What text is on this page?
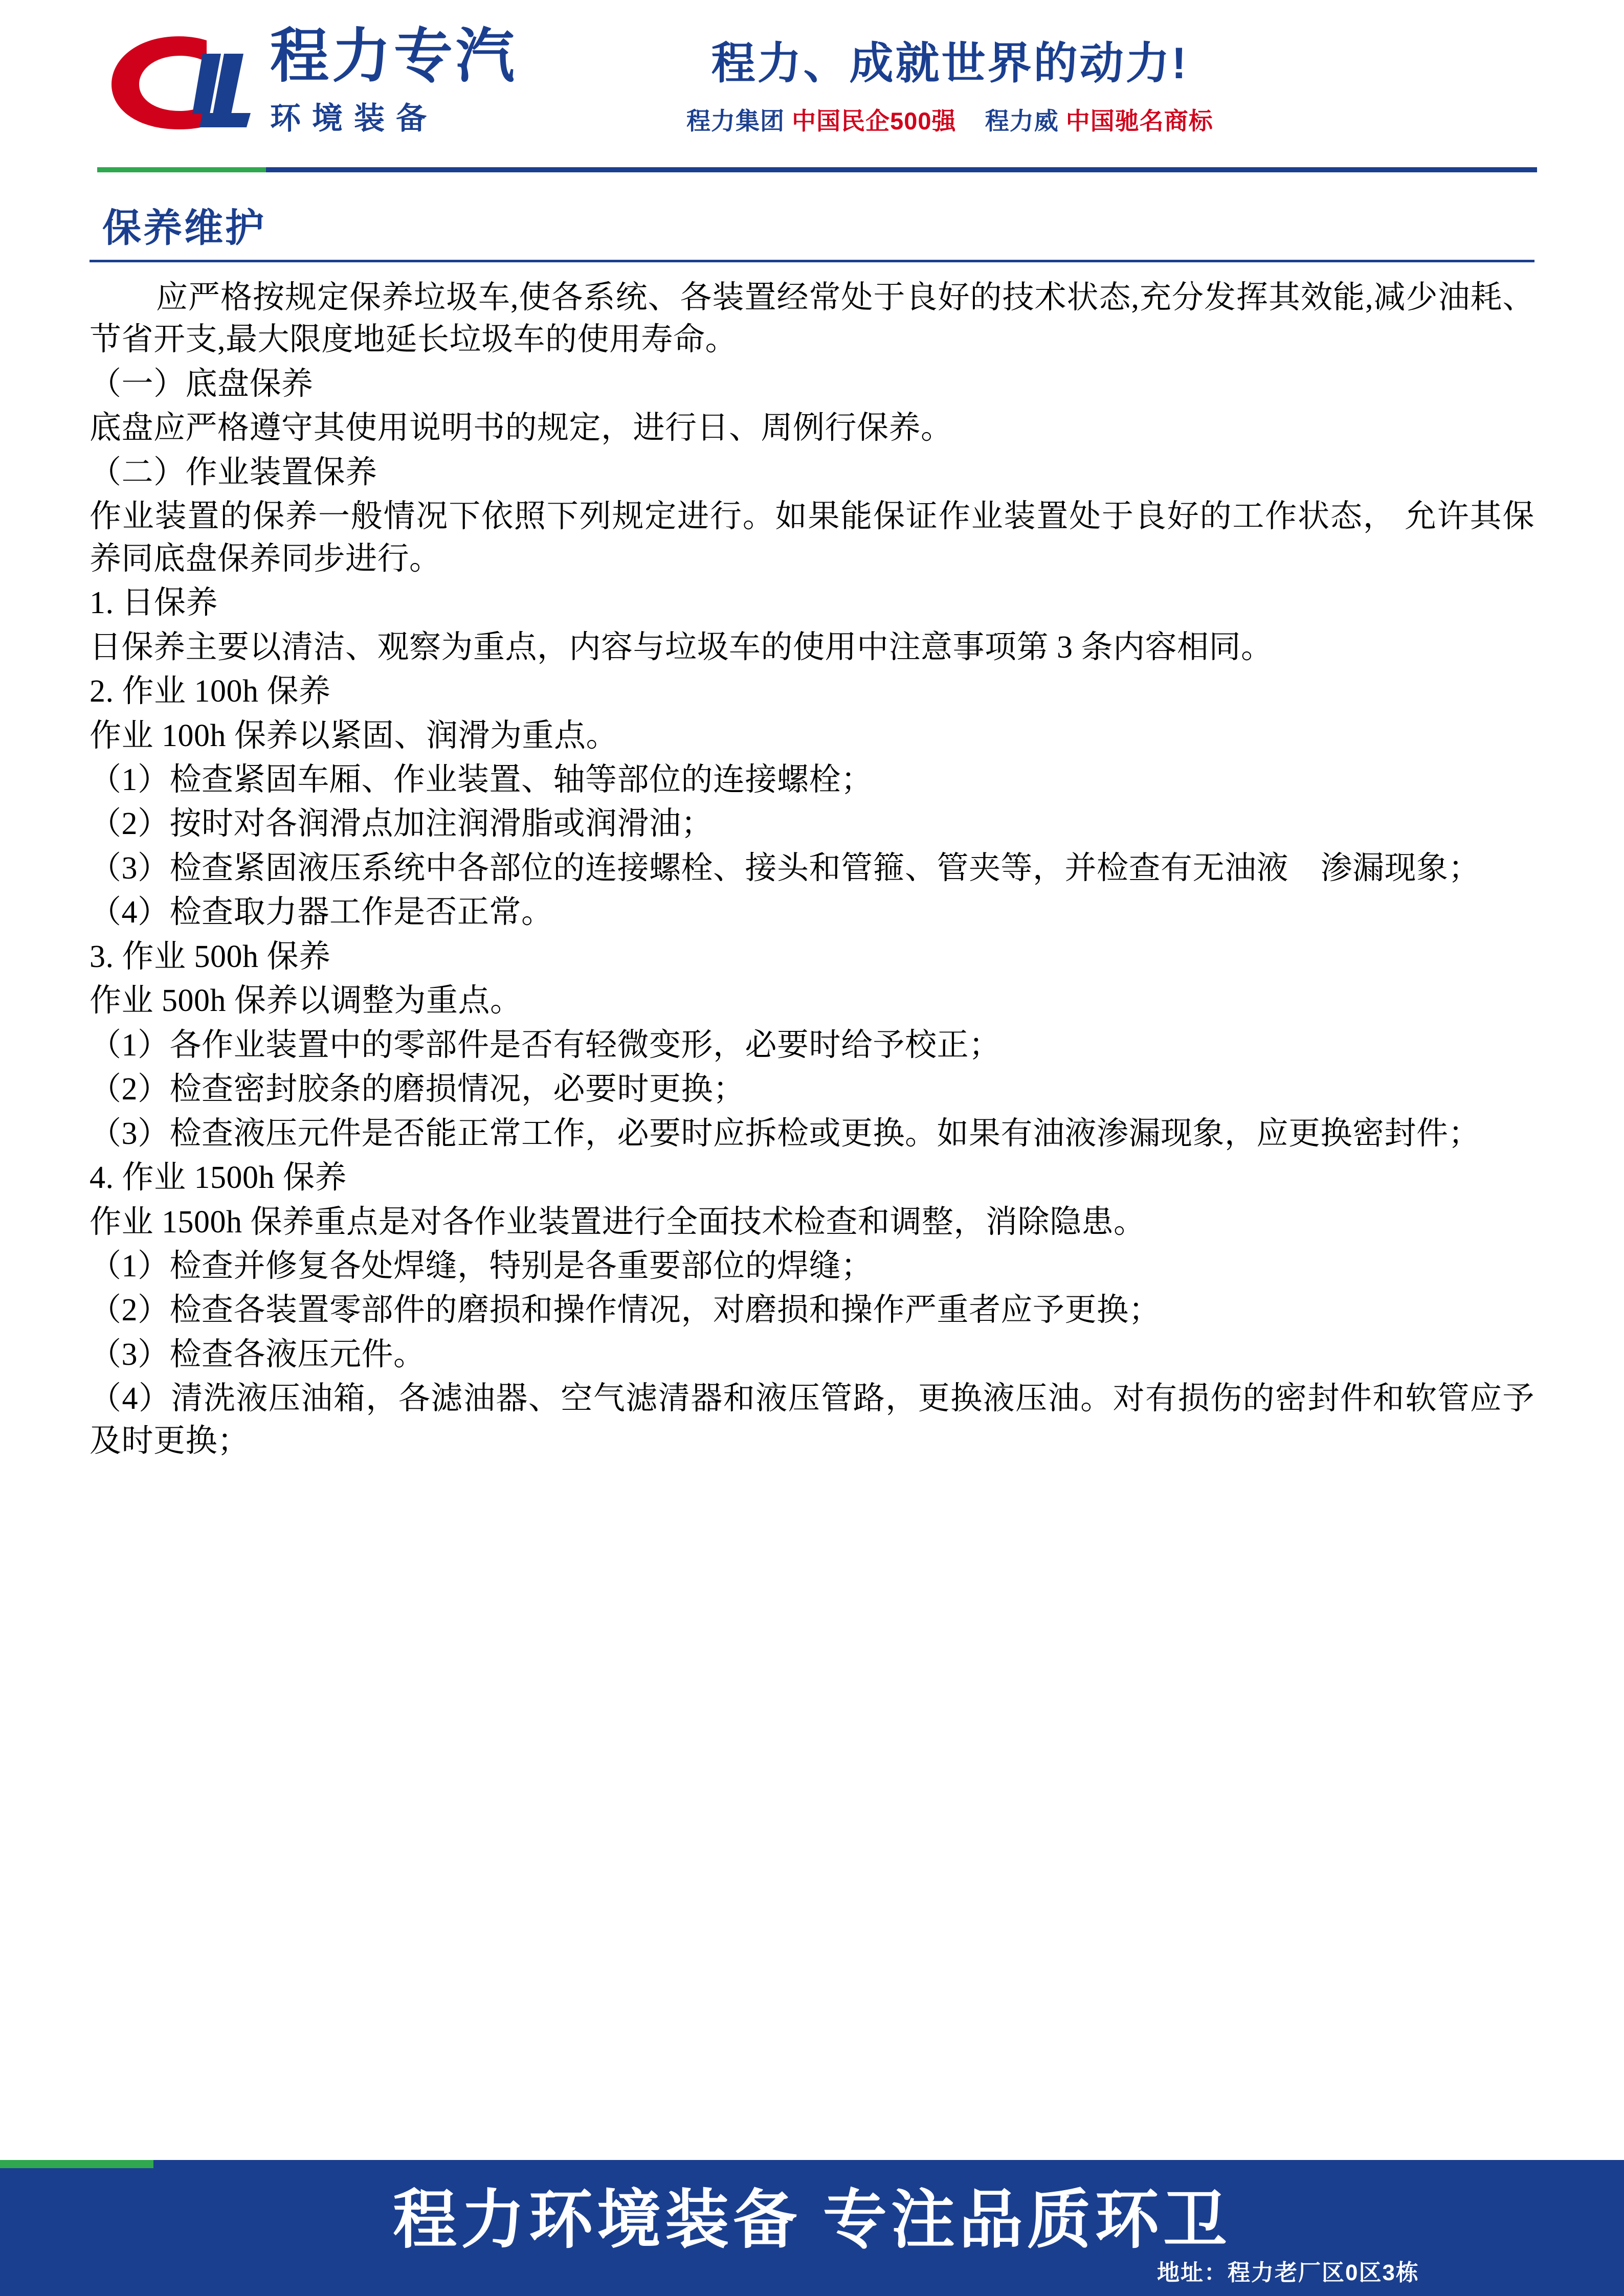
程力专汽
环境装备
程力、成就世界的动力!
程力集团 中国民企500强 程力威 中国驰名商标
保养维护

应严格按规定保养垃圾车,使各系统、各装置经常处于良好的技术状态,充分发挥其效能,减少油耗、节省开支,最大限度地延长垃圾车的使用寿命。

（一）底盘保养

底盘应严格遵守其使用说明书的规定，进行日、周例行保养。

（二）作业装置保养

作业装置的保养一般情况下依照下列规定进行。如果能保证作业装置处于良好的工作状态， 允许其保养同底盘保养同步进行。

1. 日保养

日保养主要以清洁、观察为重点，内容与垃圾车的使用中注意事项第 3 条内容相同。

2. 作业 100h 保养

作业 100h 保养以紧固、润滑为重点。

（1）检查紧固车厢、作业装置、轴等部位的连接螺栓；

（2）按时对各润滑点加注润滑脂或润滑油；

（3）检查紧固液压系统中各部位的连接螺栓、接头和管箍、管夹等，并检查有无油液　渗漏现象；

（4）检查取力器工作是否正常。

3. 作业 500h 保养

作业 500h 保养以调整为重点。

（1）各作业装置中的零部件是否有轻微变形，必要时给予校正；

（2）检查密封胶条的磨损情况，必要时更换；

（3）检查液压元件是否能正常工作，必要时应拆检或更换。如果有油液渗漏现象，应更换密封件；

4. 作业 1500h 保养

作业 1500h 保养重点是对各作业装置进行全面技术检查和调整，消除隐患。

（1）检查并修复各处焊缝，特别是各重要部位的焊缝；

（2）检查各装置零部件的磨损和操作情况，对磨损和操作严重者应予更换；

（3）检查各液压元件。

（4）清洗液压油箱，各滤油器、空气滤清器和液压管路，更换液压油。对有损伤的密封件和软管应予及时更换；

程力环境装备 专注品质环卫
地址：程力老厂区0区3栋
